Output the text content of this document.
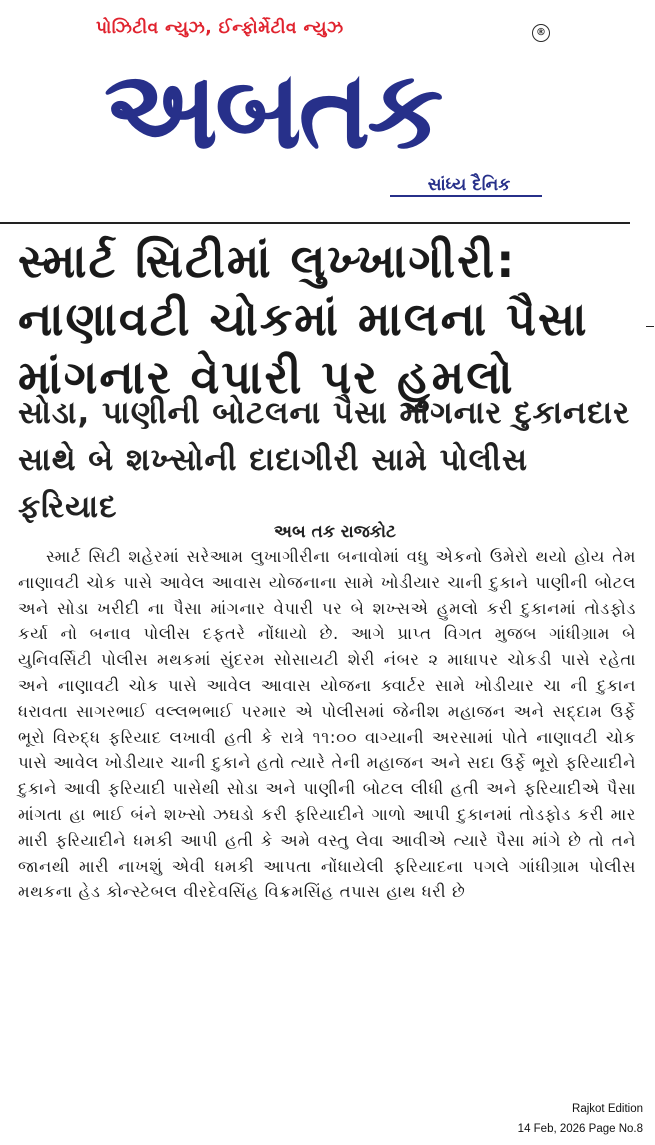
પોઝિટીવ ન્યુઝ, ઈન્ફોર્મેટીવ ન્યુઝ	®
અબતક
સાંધ્ય દૈનિક
સ્માર્ટ સિટીમાં લુખ્ખાગીરી: નાણાવટી ચોકમાં માલના પૈસા માંગનાર વેપારી પર હુમલો
સોડા, પાણીની બોટલના પૈસા માંગનાર દુકાનદાર સાથે બે શખ્સોની દાદાગીરી સામે પોલીસ ફરિયાદ
અબ તક રાજકોટ
સ્માર્ટ સિટી શહેરમાં સરેઆમ લુખાગીરીના બનાવોમાં વધુ એકનો ઉમેરો થયો હોય તેમ નાણાવટી ચોક પાસે આવેલ આવાસ યોજનાના સામે ખોડીયાર ચાની દુકાને પાણીની બોટલ અને સોડા ખરીદી ના પૈસા માંગનાર વેપારી પર બે શખ્સએ હુમલો કરી દુકાનમાં તોડફોડ કર્યા નો બનાવ પોલીસ દફતરે નોંધાયો છે. આગે પ્રાપ્ત વિગત મુજબ ગાંધીગ્રામ બે યુનિવર્સિટી પોલીસ મથકમાં સુંદરમ સોસાયટી શેરી નંબર ૨ માધાપર ચોકડી પાસે રહેતા અને નાણાવટી ચોક પાસે આવેલ આવાસ યોજના ક્વાર્ટર સામે ખોડીયાર ચા ની દુકાન ધરાવતા સાગરભાઈ વલ્લભભાઈ પરમાર એ પોલીસમાં જેનીશ મહાજન અને સદ્દામ ઉર્ફે ભૂરો વિરુદ્ધ ફરિયાદ લખાવી હતી કે રાત્રે ૧૧:૦૦ વાગ્યાની અરસામાં પોતે નાણાવટી ચોક પાસે આવેલ ખોડીયાર ચાની દુકાને હતો ત્યારે તેની મહાજન અને સદા ઉર્ફે ભૂરો ફરિયાદીને દુકાને આવી ફરિયાદી પાસેથી સોડા અને પાણીની બોટલ લીધી હતી અને ફરિયાદીએ પૈસા માંગતા હા ભાઈ બંને શખ્સો ઝઘડો કરી ફરિયાદીને ગાળો આપી દુકાનમાં તોડફોડ કરી માર મારી ફરિયાદીને ધમકી આપી હતી કે અમે વસ્તુ લેવા આવીએ ત્યારે પૈસા માંગે છે તો તને જાનથી મારી નાખશું એવી ધમકી આપતા નોંધાયેલી ફરિયાદના પગલે ગાંધીગ્રામ પોલીસ મથકના હેડ કોન્સ્ટેબલ વીરદેવસિંહ વિક્રમસિંહ તપાસ હાથ ધરી છે
Rajkot Edition
14 Feb, 2026 Page No.8
